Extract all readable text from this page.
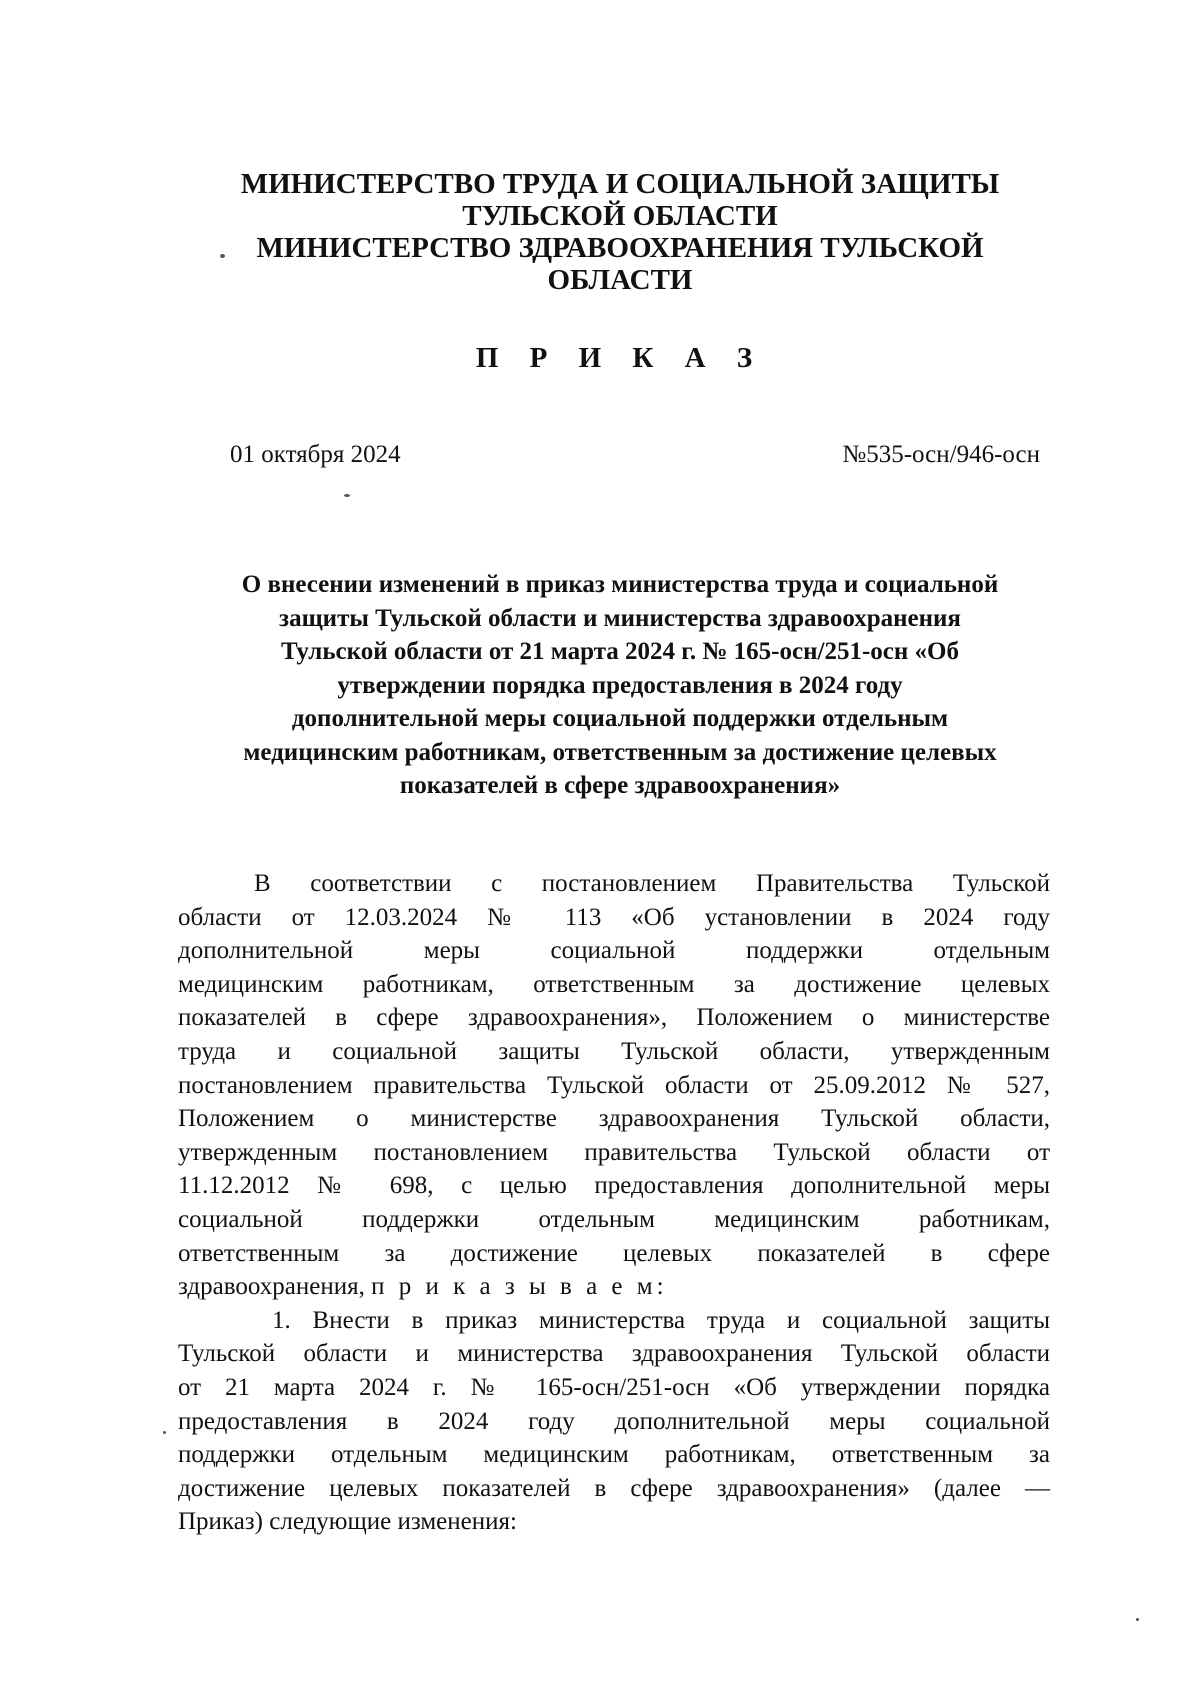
МИНИСТЕРСТВО ТРУДА И СОЦИАЛЬНОЙ ЗАЩИТЫ
ТУЛЬСКОЙ ОБЛАСТИ
МИНИСТЕРСТВО ЗДРАВООХРАНЕНИЯ ТУЛЬСКОЙ
ОБЛАСТИ
П Р И К А З
01 октября 2024	№535-осн/946-осн
О внесении изменений в приказ министерства труда и социальной
защиты Тульской области и министерства здравоохранения
Тульской области от 21 марта 2024 г. № 165-осн/251-осн «Об
утверждении порядка предоставления в 2024 году
дополнительной меры социальной поддержки отдельным
медицинским работникам, ответственным за достижение целевых
показателей в сфере здравоохранения»
В соответствии с постановлением Правительства Тульской
области от 12.03.2024 № 113 «Об установлении в 2024 году
дополнительной меры социальной поддержки отдельным
медицинским работникам, ответственным за достижение целевых
показателей в сфере здравоохранения», Положением о министерстве
труда и социальной защиты Тульской области, утвержденным
постановлением правительства Тульской области от 25.09.2012 № 527,
Положением о министерстве здравоохранения Тульской области,
утвержденным постановлением правительства Тульской области от
11.12.2012 № 698, с целью предоставления дополнительной меры
социальной поддержки отдельным медицинским работникам,
ответственным за достижение целевых показателей в сфере
здравоохранения, п р и к а з ы в а е м:
1. Внести в приказ министерства труда и социальной защиты
Тульской области и министерства здравоохранения Тульской области
от 21 марта 2024 г. № 165-осн/251-осн «Об утверждении порядка
предоставления в 2024 году дополнительной меры социальной
поддержки отдельным медицинским работникам, ответственным за
достижение целевых показателей в сфере здравоохранения» (далее —
Приказ) следующие изменения:
